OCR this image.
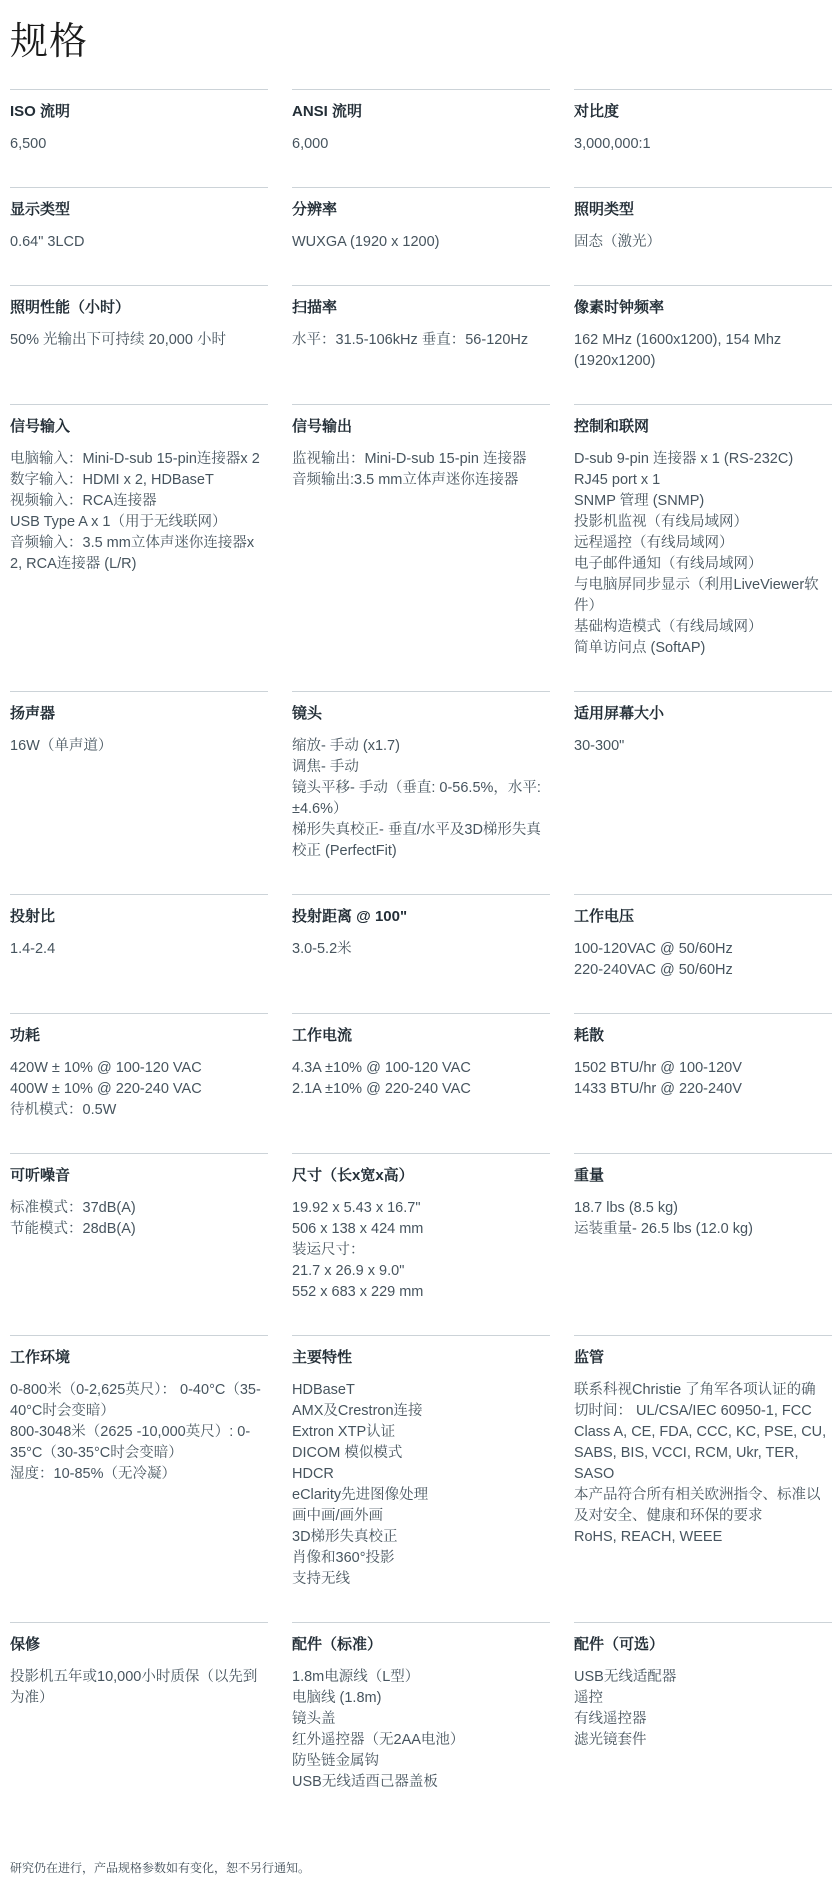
规格
ISO 流明
6,500
ANSI 流明
6,000
对比度
3,000,000:1
显示类型
0.64" 3LCD
分辨率
WUXGA (1920 x 1200)
照明类型
固态（激光）
照明性能（小时）
50% 光输出下可持续 20,000 小时
扫描率
水平：31.5-106kHz 垂直：56-120Hz
像素时钟频率
162 MHz (1600x1200), 154 Mhz (1920x1200)
信号输入
电脑输入：Mini-D-sub 15-pin连接器x 2
数字输入：HDMI x 2, HDBaseT
视频输入：RCA连接器
USB Type A x 1（用于无线联网）
音频输入：3.5 mm立体声迷你连接器x 2, RCA连接器 (L/R)
信号输出
监视输出：Mini-D-sub 15-pin 连接器
音频输出:3.5 mm立体声迷你连接器
控制和联网
D-sub 9-pin 连接器 x 1 (RS-232C)
RJ45 port x 1
SNMP 管理 (SNMP)
投影机监视（有线局域网）
远程遥控（有线局域网）
电子邮件通知（有线局域网）
与电脑屏同步显示（利用LiveViewer软件）
基础构造模式（有线局域网）
简单访问点 (SoftAP)
扬声器
16W（单声道）
镜头
缩放- 手动 (x1.7)
调焦- 手动
镜头平移- 手动（垂直: 0-56.5%，水平: ±4.6%）
梯形失真校正- 垂直/水平及3D梯形失真校正 (PerfectFit)
适用屏幕大小
30-300"
投射比
1.4-2.4
投射距离 @ 100"
3.0-5.2米
工作电压
100-120VAC @ 50/60Hz
220-240VAC @ 50/60Hz
功耗
420W ± 10% @ 100-120 VAC
400W ± 10% @ 220-240 VAC
待机模式：0.5W
工作电流
4.3A ±10% @ 100-120 VAC
2.1A ±10% @ 220-240 VAC
耗散
1502 BTU/hr @ 100-120V
1433 BTU/hr @ 220-240V
可听噪音
标准模式：37dB(A)
节能模式：28dB(A)
尺寸（长x宽x高）
19.92 x 5.43 x 16.7"
506 x 138 x 424 mm
装运尺寸：
21.7 x 26.9 x 9.0"
552 x 683 x 229 mm
重量
18.7 lbs (8.5 kg)
运装重量- 26.5 lbs (12.0 kg)
工作环境
0-800米（0-2,625英尺）： 0-40°C（35-40°C时会变暗）
800-3048米（2625 -10,000英尺）: 0-35°C（30-35°C时会变暗）
湿度：10-85%（无冷凝）
主要特性
HDBaseT
AMX及Crestron连接
Extron XTP认证
DICOM 模似模式
HDCR
eClarity先进图像处理
画中画/画外画
3D梯形失真校正
肖像和360°投影
支持无线
监管
联系科视Christie 了角军各项认证的确切时间： UL/CSA/IEC 60950-1, FCC Class A, CE, FDA, CCC, KC, PSE, CU, SABS, BIS, VCCI, RCM, Ukr, TER, SASO
本产品符合所有相关欧洲指令、标准以及对安全、健康和环保的要求
RoHS, REACH, WEEE
保修
投影机五年或10,000小时质保（以先到为准）
配件（标准）
1.8m电源线（L型）
电脑线 (1.8m)
镜头盖
红外遥控器（无2AA电池）
防坠链金属钩
USB无线适酉己器盖板
配件（可选）
USB无线适配器
遥控
有线遥控器
滤光镜套件
研究仍在进行，产品规格参数如有变化，恕不另行通知。
